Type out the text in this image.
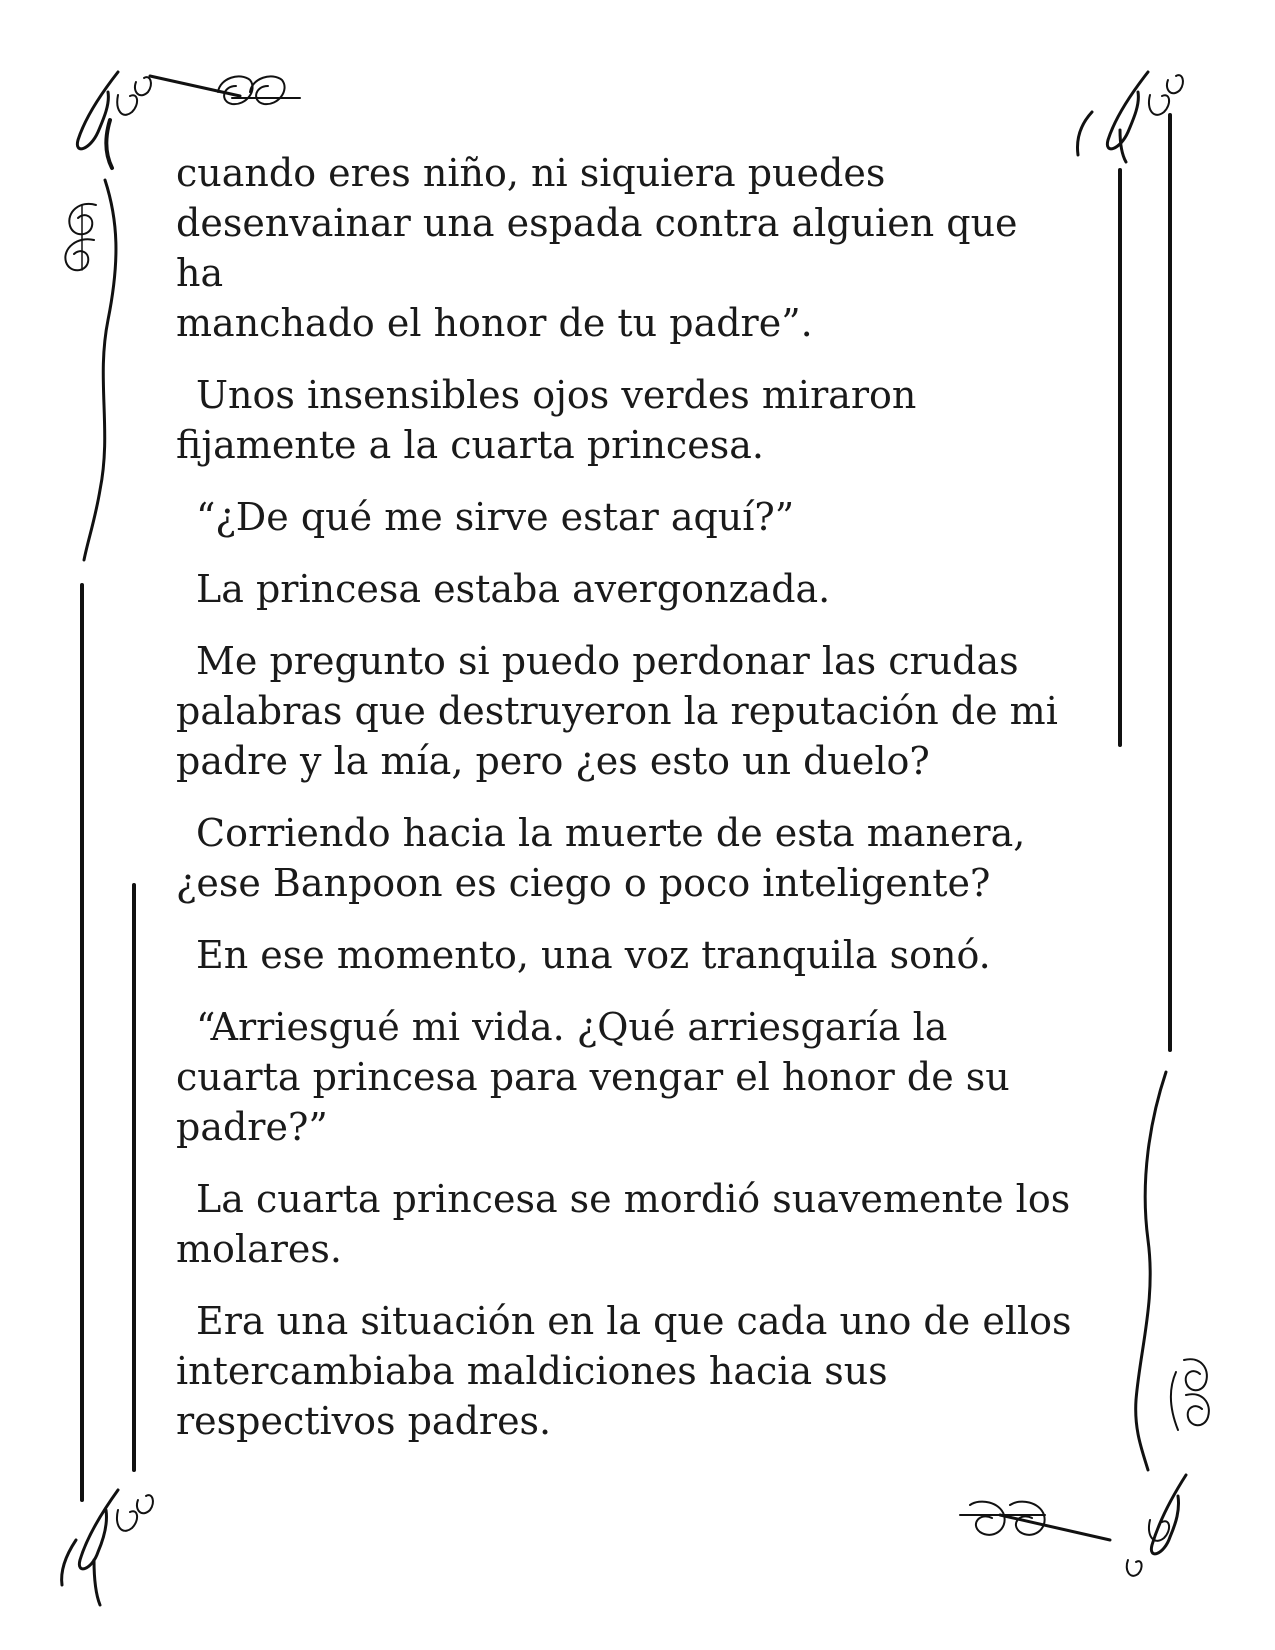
cuando eres niño, ni siquiera puedes
desenvainar una espada contra alguien que ha
manchado el honor de tu padre”.

Unos insensibles ojos verdes miraron
fijamente a la cuarta princesa.

“¿De qué me sirve estar aquí?”

La princesa estaba avergonzada.

Me pregunto si puedo perdonar las crudas
palabras que destruyeron la reputación de mi
padre y la mía, pero ¿es esto un duelo?

Corriendo hacia la muerte de esta manera,
¿ese Banpoon es ciego o poco inteligente?

En ese momento, una voz tranquila sonó.

“Arriesgué mi vida. ¿Qué arriesgaría la
cuarta princesa para vengar el honor de su
padre?”

La cuarta princesa se mordió suavemente los
molares.

Era una situación en la que cada uno de ellos
intercambiaba maldiciones hacia sus
respectivos padres.
